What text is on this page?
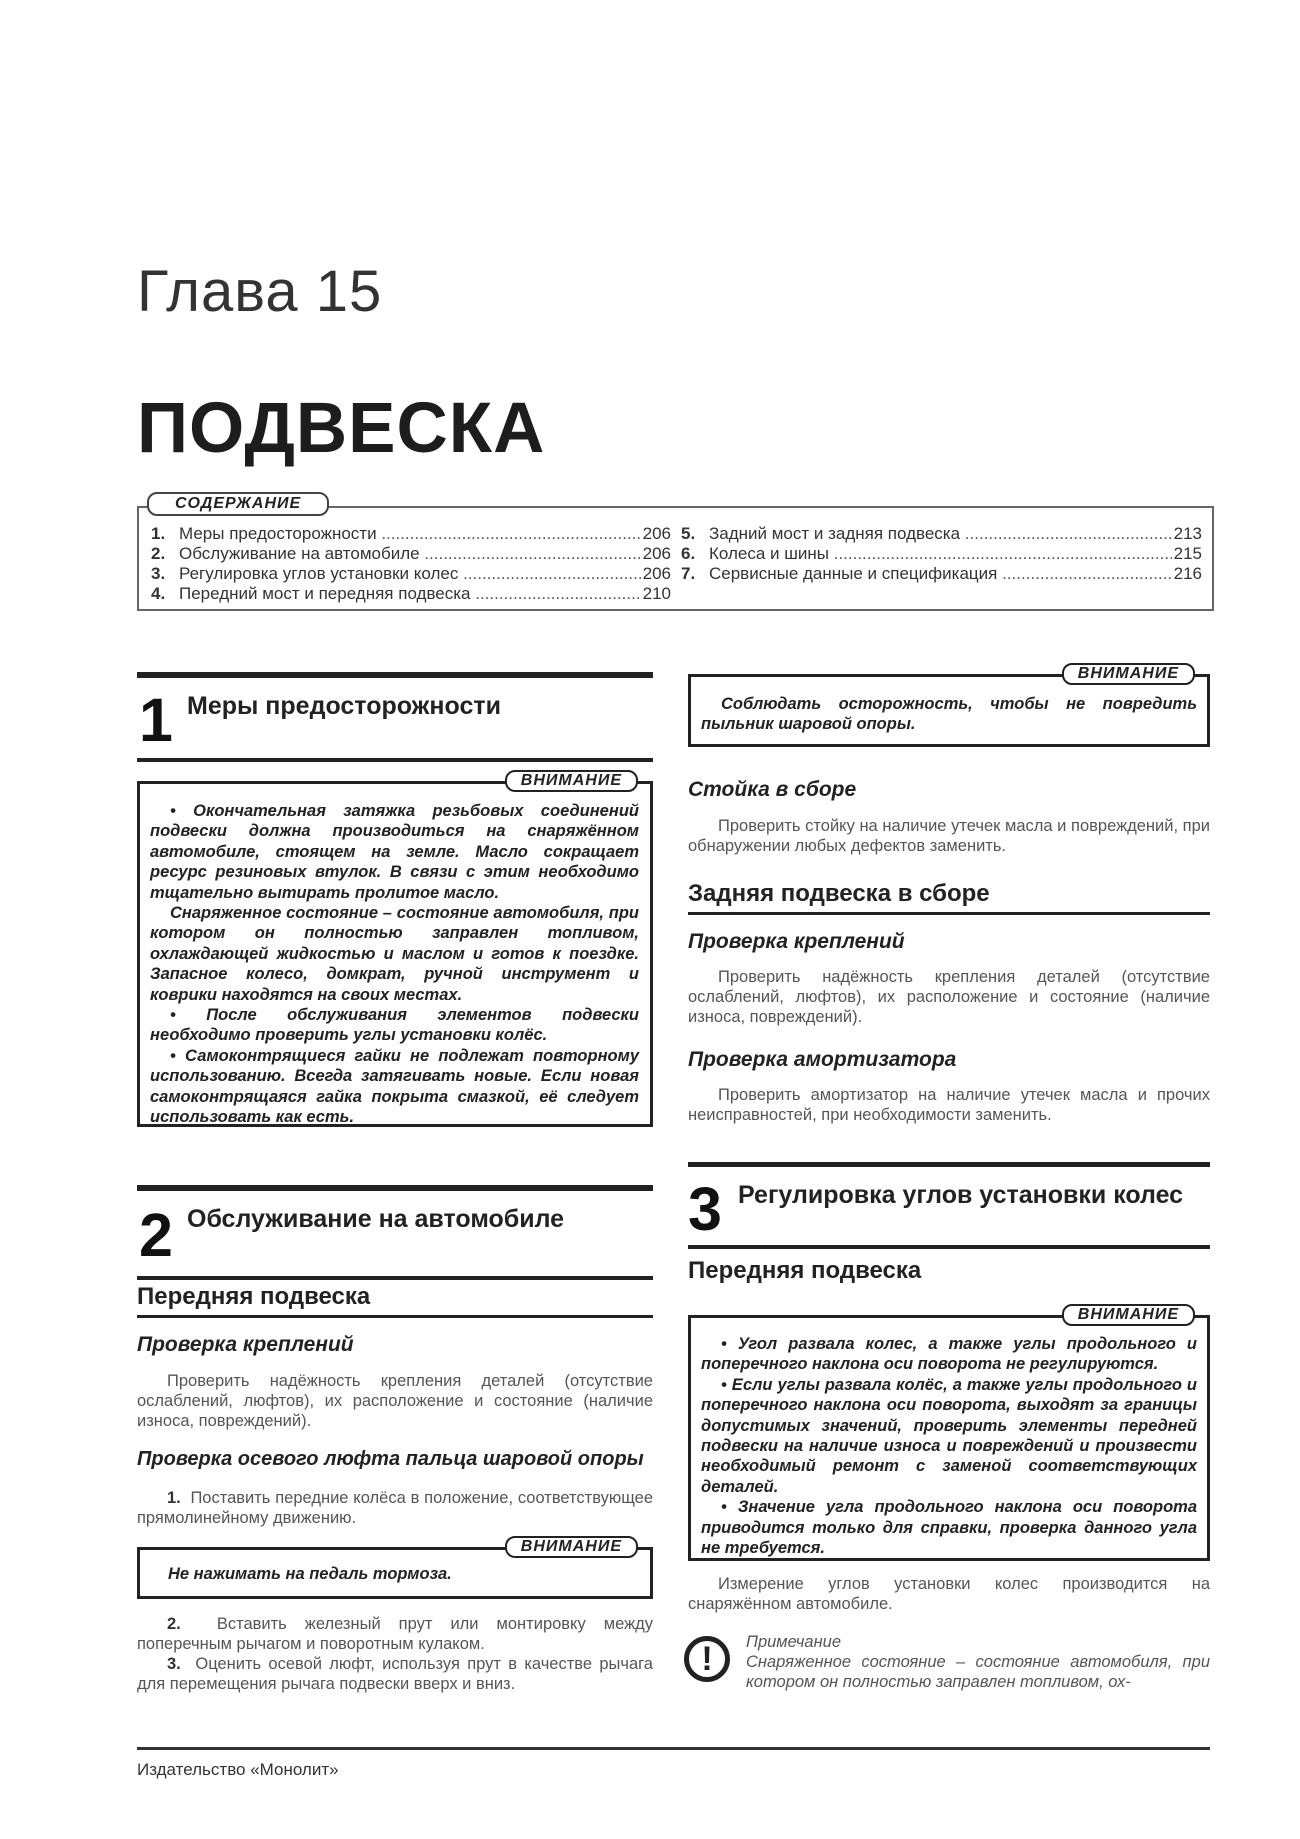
Глава 15
ПОДВЕСКА
СОДЕРЖАНИЕ
1. Меры предосторожности .....	206
2. Обслуживание на автомобиле .....	206
3. Регулировка углов установки колес .....	206
4. Передний мост и передняя подвеска .....	210
5. Задний мост и задняя подвеска .....	213
6. Колеса и шины .....	215
7. Сервисные данные и спецификация .....	216
1 Меры предосторожности
ВНИМАНИЕ

• Окончательная затяжка резьбовых соединений подвески должна производиться на снаряжённом автомобиле, стоящем на земле. Масло сокращает ресурс резиновых втулок. В связи с этим необходимо тщательно вытирать пролитое масло.

Снаряженное состояние – состояние автомобиля, при котором он полностью заправлен топливом, охлаждающей жидкостью и маслом и готов к поездке. Запасное колесо, домкрат, ручной инструмент и коврики находятся на своих местах.

• После обслуживания элементов подвески необходимо проверить углы установки колёс.

• Самоконтрящиеся гайки не подлежат повторному использованию. Всегда затягивать новые. Если новая самоконтрящаяся гайка покрыта смазкой, её следует использовать как есть.

2 Обслуживание на автомобиле
Передняя подвеска
Проверка креплений

Проверить надёжность крепления деталей (отсутствие ослаблений, люфтов), их расположение и состояние (наличие износа, повреждений).

Проверка осевого люфта пальца шаровой опоры

1. Поставить передние колёса в положение, соответствующее прямолинейному движению.

ВНИМАНИЕ
Не нажимать на педаль тормоза.

2. Вставить железный прут или монтировку между поперечным рычагом и поворотным кулаком.

3. Оценить осевой люфт, используя прут в качестве рычага для перемещения рычага подвески вверх и вниз.

ВНИМАНИЕ

Соблюдать осторожность, чтобы не повредить пыльник шаровой опоры.

Стойка в сборе

Проверить стойку на наличие утечек масла и повреждений, при обнаружении любых дефектов заменить.

Задняя подвеска в сборе
Проверка креплений

Проверить надёжность крепления деталей (отсутствие ослаблений, люфтов), их расположение и состояние (наличие износа, повреждений).

Проверка амортизатора

Проверить амортизатор на наличие утечек масла и прочих неисправностей, при необходимости заменить.

3 Регулировка углов установки колес
Передняя подвеска
ВНИМАНИЕ

• Угол развала колес, а также углы продольного и поперечного наклона оси поворота не регулируются.

• Если углы развала колёс, а также углы продольного и поперечного наклона оси поворота, выходят за границы допустимых значений, проверить элементы передней подвески на наличие износа и повреждений и произвести необходимый ремонт с заменой соответствующих деталей.

• Значение угла продольного наклона оси поворота приводится только для справки, проверка данного угла не требуется.

Измерение углов установки колес производится на снаряжённом автомобиле.

!	Примечание
Снаряженное состояние – состояние автомобиля, при котором он полностью заправлен топливом, ох-
Издательство «Монолит»
